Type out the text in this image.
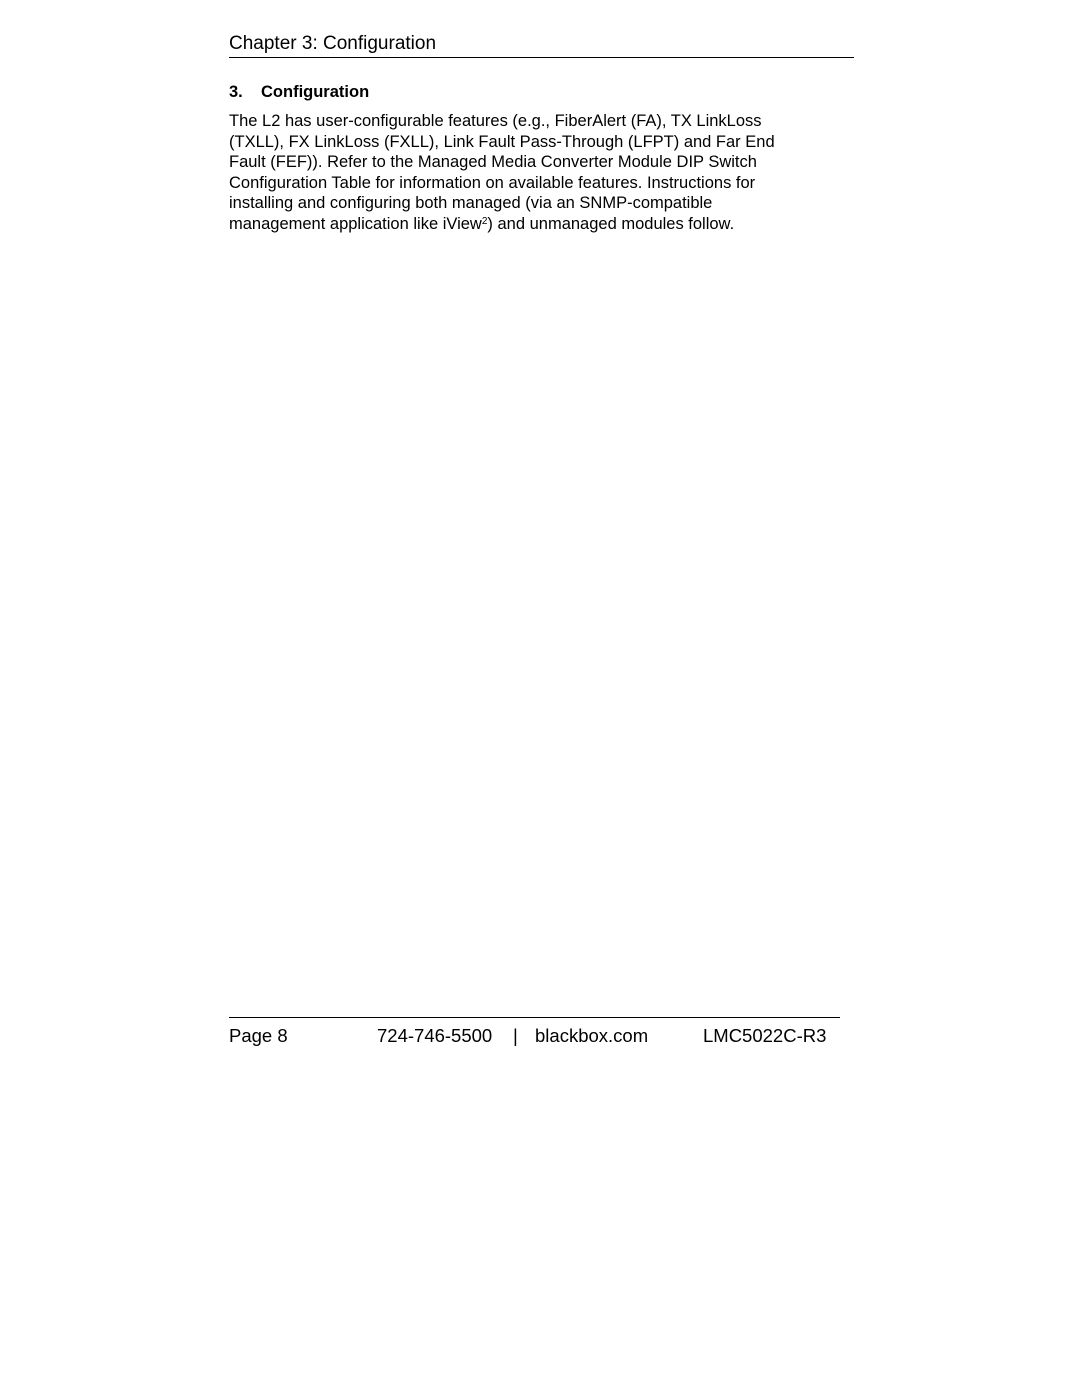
Chapter 3: Configuration
3. Configuration
The L2 has user-configurable features (e.g., FiberAlert (FA), TX LinkLoss
(TXLL), FX LinkLoss (FXLL), Link Fault Pass-Through (LFPT) and Far End
Fault (FEF)). Refer to the Managed Media Converter Module DIP Switch
Configuration Table for information on available features. Instructions for
installing and configuring both managed (via an SNMP-compatible
management application like iView$^2$) and unmanaged modules follow.
Page 8	724-746-5500 | blackbox.com	LMC5022C-R3
